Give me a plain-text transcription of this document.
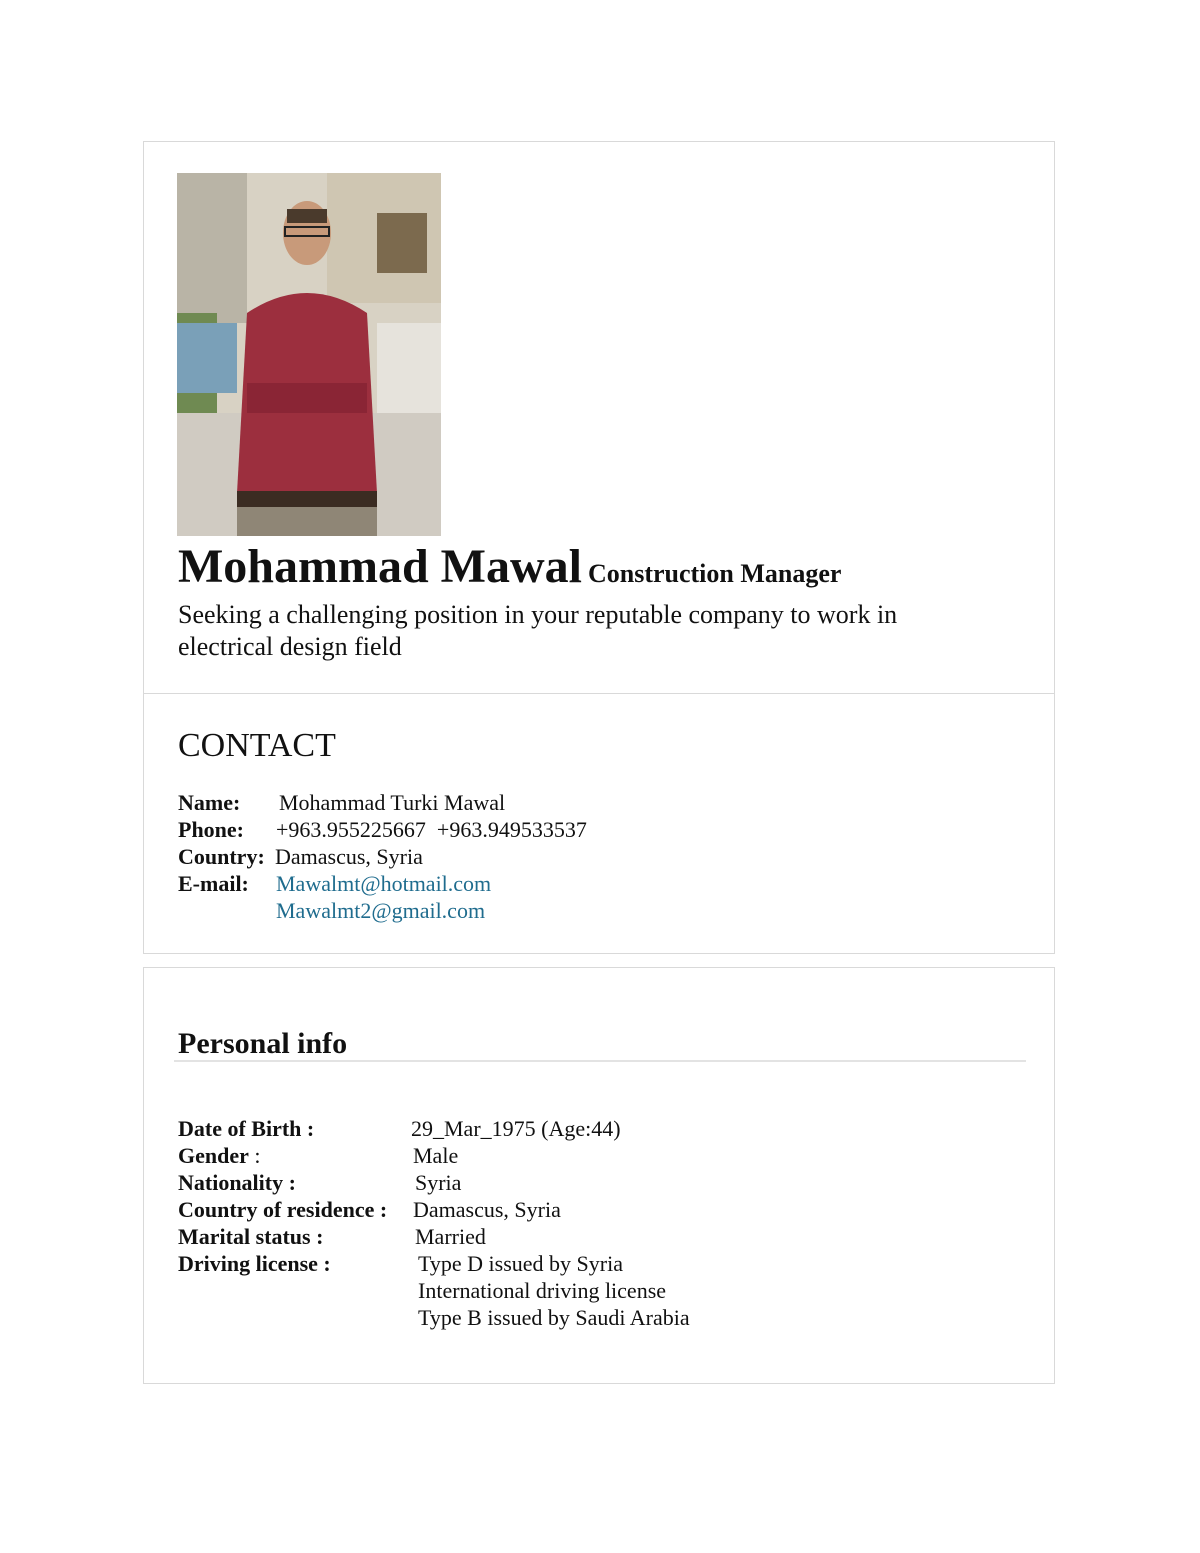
Mohammad Mawal Construction Manager
Seeking a challenging position in your reputable company to work in electrical design field
CONTACT
Name: Mohammad Turki Mawal
Phone: +963.955225667  +963.949533537
Country: Damascus, Syria
E-mail: Mawalmt@hotmail.com
Mawalmt2@gmail.com
Personal info
Date of Birth :	29_Mar_1975 (Age:44)
Gender :	Male
Nationality :	Syria
Country of residence :	Damascus, Syria
Marital status :	Married
Driving license :	Type D issued by Syria
International driving license
Type B issued by Saudi Arabia
